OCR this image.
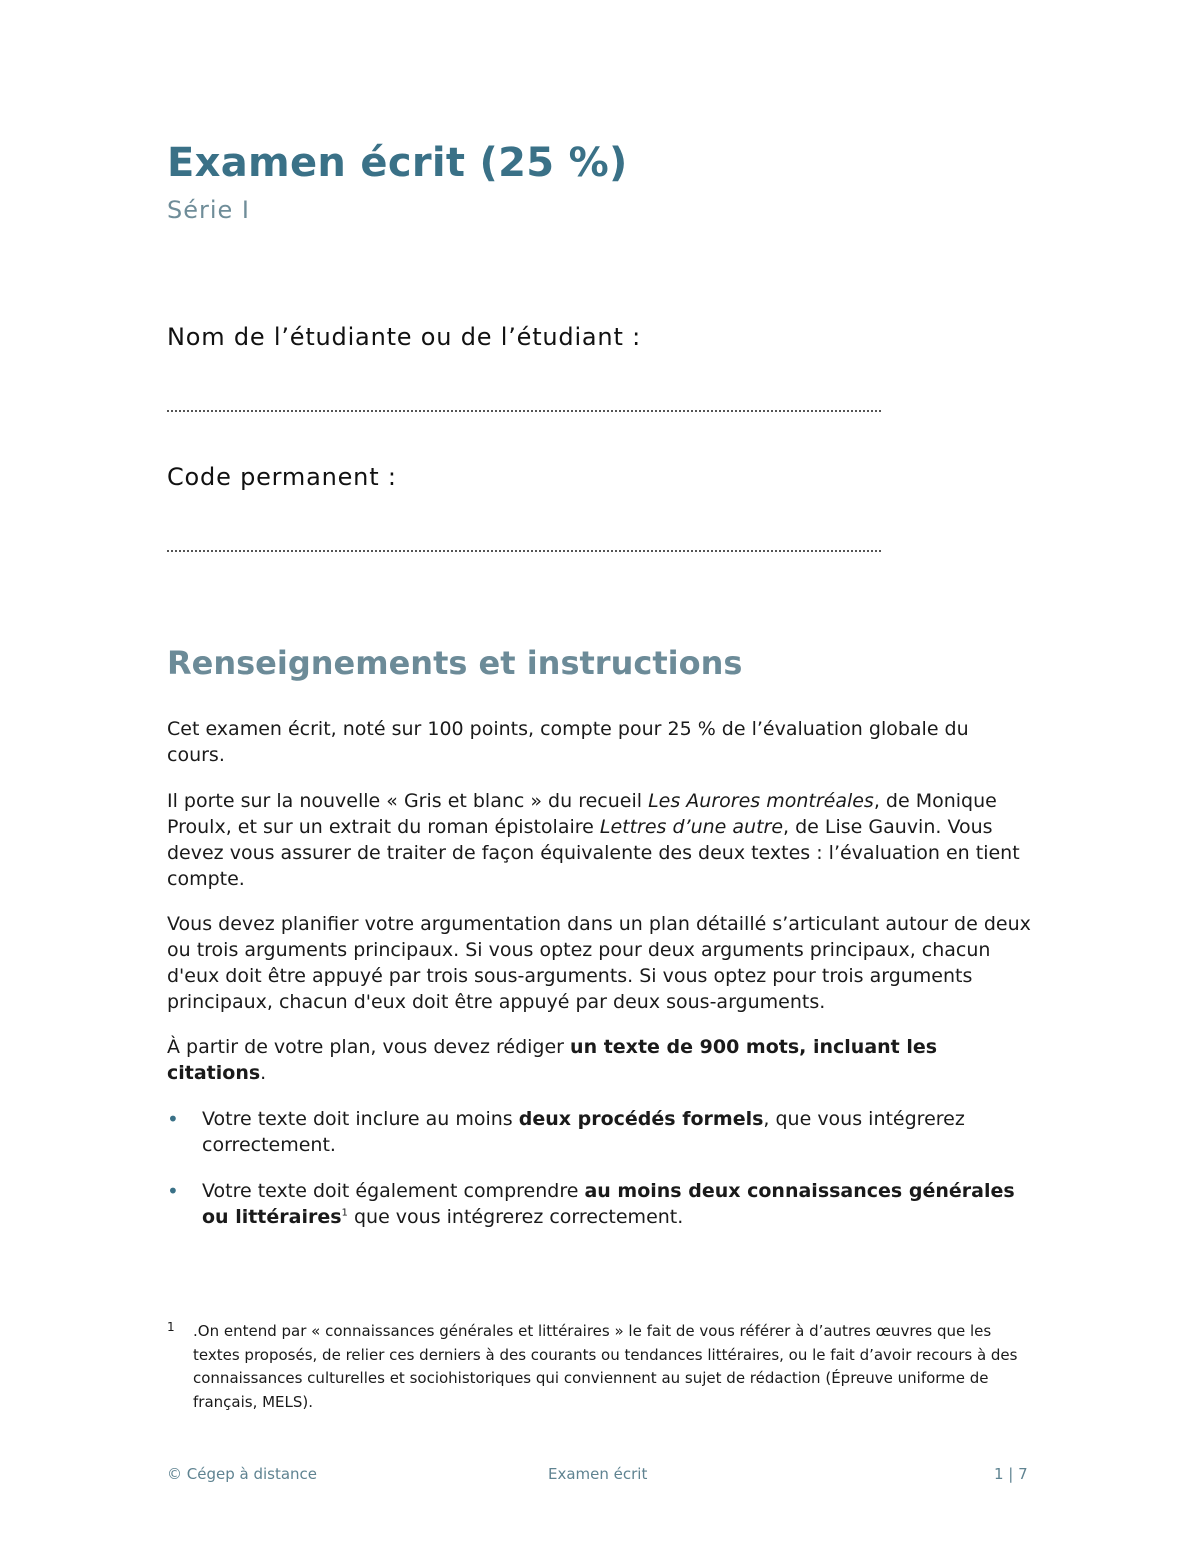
Examen écrit (25 %)
Série I
Nom de l’étudiante ou de l’étudiant :
Code permanent :
Renseignements et instructions

Cet examen écrit, noté sur 100 points, compte pour 25 % de l’évaluation globale du cours.

Il porte sur la nouvelle « Gris et blanc » du recueil Les Aurores montréales, de Monique Proulx, et sur un extrait du roman épistolaire Lettres d’une autre, de Lise Gauvin. Vous devez vous assurer de traiter de façon équivalente des deux textes : l’évaluation en tient compte.

Vous devez planifier votre argumentation dans un plan détaillé s’articulant autour de deux ou trois arguments principaux. Si vous optez pour deux arguments principaux, chacun d'eux doit être appuyé par trois sous-arguments. Si vous optez pour trois arguments principaux, chacun d'eux doit être appuyé par deux sous-arguments.

À partir de votre plan, vous devez rédiger un texte de 900 mots, incluant les citations.

• Votre texte doit inclure au moins deux procédés formels, que vous intégrerez correctement.
• Votre texte doit également comprendre au moins deux connaissances générales ou littéraires$^1$ que vous intégrerez correctement.
1 .On entend par « connaissances générales et littéraires » le fait de vous référer à d’autres œuvres que les textes proposés, de relier ces derniers à des courants ou tendances littéraires, ou le fait d’avoir recours à des connaissances culturelles et sociohistoriques qui conviennent au sujet de rédaction (Épreuve uniforme de français, MELS).
© Cégep à distance	Examen écrit	1 | 7
